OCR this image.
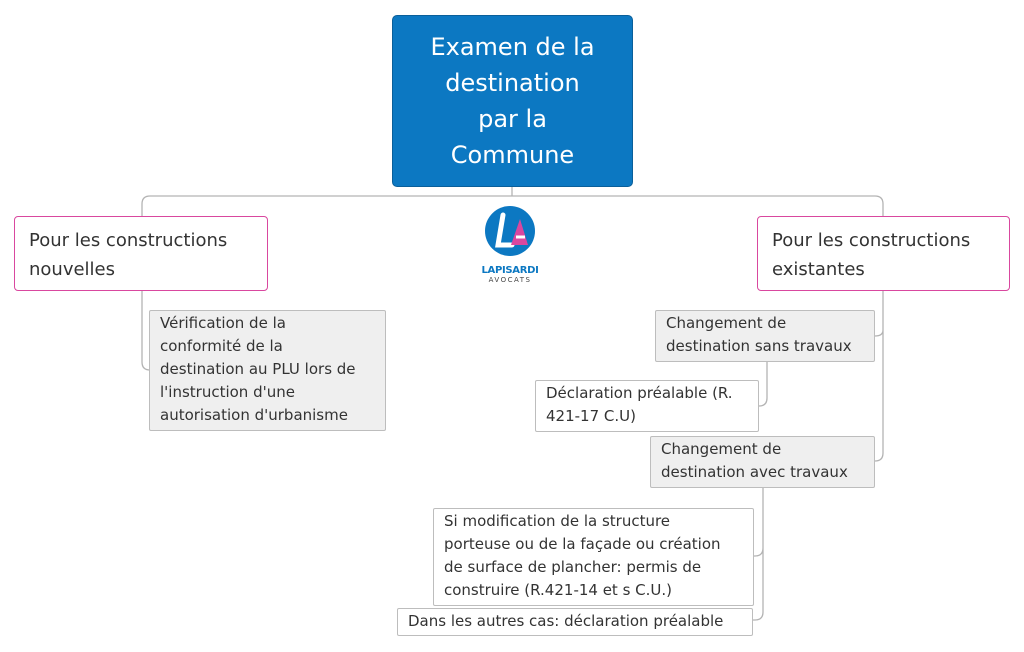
Examen de la
destination
par la
Commune
Pour les constructions
nouvelles
Pour les constructions
existantes
Vérification de la
conformité de la
destination au PLU lors de
l'instruction d'une
autorisation d'urbanisme
Changement de
destination sans travaux
Déclaration préalable (R.
421-17 C.U)
Changement de
destination avec travaux
Si modification de la structure
porteuse ou de la façade ou création
de surface de plancher: permis de
construire (R.421-14 et s C.U.)
Dans les autres cas: déclaration préalable
LAPISARDI
AVOCATS
